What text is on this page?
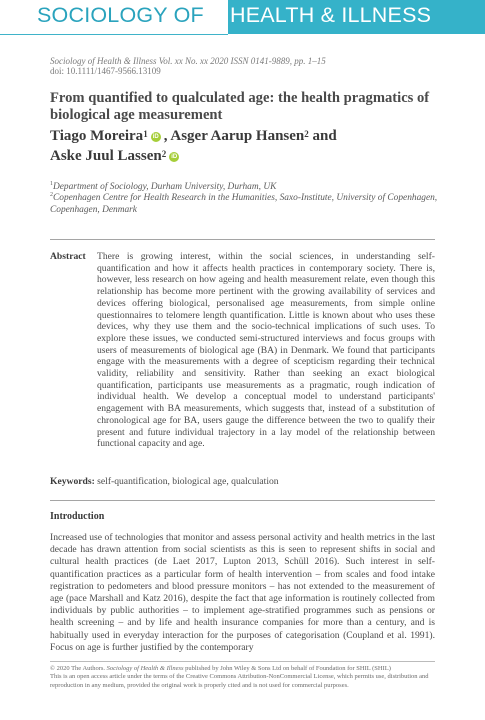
SOCIOLOGY OF HEALTH & ILLNESS
Sociology of Health & Illness Vol. xx No. xx 2020 ISSN 0141-9889, pp. 1–15
doi: 10.1111/1467-9566.13109
From quantified to qualculated age: the health pragmatics of biological age measurement
Tiago Moreira$^1$ iD , Asger Aarup Hansen$^2$ and
Aske Juul Lassen$^2$ iD
$^1$Department of Sociology, Durham University, Durham, UK
$^2$Copenhagen Centre for Health Research in the Humanities, Saxo-Institute, University of Copenhagen, Copenhagen, Denmark
Abstract There is growing interest, within the social sciences, in understanding self-quantification and how it affects health practices in contemporary society. There is, however, less research on how ageing and health measurement relate, even though this relationship has become more pertinent with the growing availability of services and devices offering biological, personalised age measurements, from simple online questionnaires to telomere length quantification. Little is known about who uses these devices, why they use them and the socio-technical implications of such uses. To explore these issues, we conducted semi-structured interviews and focus groups with users of measurements of biological age (BA) in Denmark. We found that participants engage with the measurements with a degree of scepticism regarding their technical validity, reliability and sensitivity. Rather than seeking an exact biological quantification, participants use measurements as a pragmatic, rough indication of individual health. We develop a conceptual model to understand participants' engagement with BA measurements, which suggests that, instead of a substitution of chronological age for BA, users gauge the difference between the two to qualify their present and future individual trajectory in a lay model of the relationship between functional capacity and age.
Keywords: self-quantification, biological age, qualculation
Introduction
Increased use of technologies that monitor and assess personal activity and health metrics in the last decade has drawn attention from social scientists as this is seen to represent shifts in social and cultural health practices (de Laet 2017, Lupton 2013, Schüll 2016). Such interest in self-quantification practices as a particular form of health intervention – from scales and food intake registration to pedometers and blood pressure monitors – has not extended to the measurement of age (pace Marshall and Katz 2016), despite the fact that age information is routinely collected from individuals by public authorities – to implement age-stratified programmes such as pensions or health screening – and by life and health insurance companies for more than a century, and is habitually used in everyday interaction for the purposes of categorisation (Coupland et al. 1991). Focus on age is further justified by the contemporary
© 2020 The Authors. Sociology of Health & Illness published by John Wiley & Sons Ltd on behalf of Foundation for SHIL (SHIL)
This is an open access article under the terms of the Creative Commons Attribution-NonCommercial License, which permits use, distribution and reproduction in any medium, provided the original work is properly cited and is not used for commercial purposes.
